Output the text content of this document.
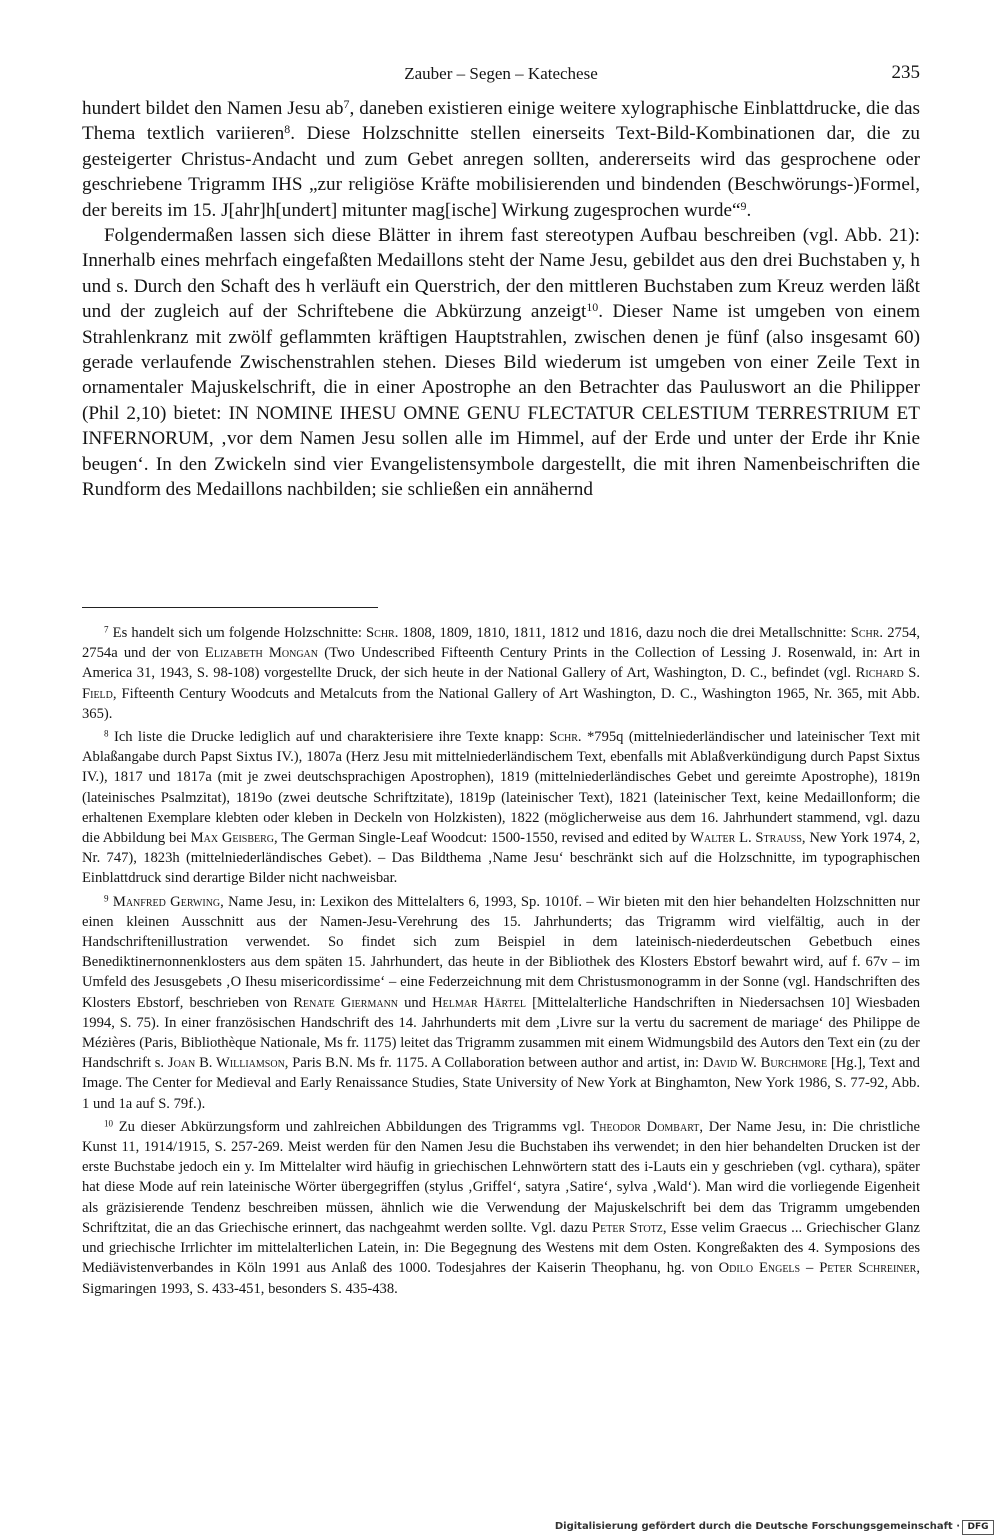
Zauber – Segen – Katechese	235

hundert bildet den Namen Jesu $ab^7$, daneben existieren einige weitere xylographische Einblattdrucke, die das Thema textlich variieren$^8$. Diese Holzschnitte stellen einerseits Text-Bild-Kombinationen dar, die zu gesteigerter Christus-Andacht und zum Gebet anregen sollten, andererseits wird das gesprochene oder geschriebene Trigramm IHS „zur religiöse Kräfte mobilisierenden und bindenden (Beschwörungs-)Formel, der bereits im 15. J[ahr]h[undert] mitunter mag[ische] Wirkung zugesprochen wurde“$^9$.

Folgendermaßen lassen sich diese Blätter in ihrem fast stereotypen Aufbau beschreiben (vgl. Abb. 21): Innerhalb eines mehrfach eingefaßten Medaillons steht der Name Jesu, gebildet aus den drei Buchstaben y, h und s. Durch den Schaft des h verläuft ein Querstrich, der den mittleren Buchstaben zum Kreuz werden läßt und der zugleich auf der Schriftebene die Abkürzung anzeigt$^{10}$. Dieser Name ist umgeben von einem Strahlenkranz mit zwölf geflammten kräftigen Hauptstrahlen, zwischen denen je fünf (also insgesamt 60) gerade verlaufende Zwischenstrahlen stehen. Dieses Bild wiederum ist umgeben von einer Zeile Text in ornamentaler Majuskelschrift, die in einer Apostrophe an den Betrachter das Pauluswort an die Philipper (Phil 2,10) bietet: IN NOMINE IHESU OMNE GENU FLECTATUR CELESTIUM TERRESTRIUM ET INFERNORUM, ‚vor dem Namen Jesu sollen alle im Himmel, auf der Erde und unter der Erde ihr Knie beugen‘. In den Zwickeln sind vier Evangelistensymbole dargestellt, die mit ihren Namenbeischriften die Rundform des Medaillons nachbilden; sie schließen ein annähernd

$^7$ Es handelt sich um folgende Holzschnitte: Schr. 1808, 1809, 1810, 1811, 1812 und 1816, dazu noch die drei Metallschnitte: Schr. 2754, 2754a und der von Elizabeth Mongan (Two Undescribed Fifteenth Century Prints in the Collection of Lessing J. Rosenwald, in: Art in America 31, 1943, S. 98-108) vorgestellte Druck, der sich heute in der National Gallery of Art, Washington, D. C., befindet (vgl. Richard S. Field, Fifteenth Century Woodcuts and Metalcuts from the National Gallery of Art Washington, D. C., Washington 1965, Nr. 365, mit Abb. 365).

$^8$ Ich liste die Drucke lediglich auf und charakterisiere ihre Texte knapp: Schr. *795q (mittelniederländischer und lateinischer Text mit Ablaßangabe durch Papst Sixtus IV.), 1807a (Herz Jesu mit mittelniederländischem Text, ebenfalls mit Ablaßverkündigung durch Papst Sixtus IV.), 1817 und 1817a (mit je zwei deutschsprachigen Apostrophen), 1819 (mittelniederländisches Gebet und gereimte Apostrophe), 1819n (lateinisches Psalmzitat), 1819o (zwei deutsche Schriftzitate), 1819p (lateinischer Text), 1821 (lateinischer Text, keine Medaillonform; die erhaltenen Exemplare klebten oder kleben in Deckeln von Holzkisten), 1822 (möglicherweise aus dem 16. Jahrhundert stammend, vgl. dazu die Abbildung bei Max Geisberg, The German Single-Leaf Woodcut: 1500-1550, revised and edited by Walter L. Strauss, New York 1974, 2, Nr. 747), 1823h (mittelniederländisches Gebet). – Das Bildthema ‚Name Jesu‘ beschränkt sich auf die Holzschnitte, im typographischen Einblattdruck sind derartige Bilder nicht nachweisbar.

$^9$ Manfred Gerwing, Name Jesu, in: Lexikon des Mittelalters 6, 1993, Sp. 1010f. – Wir bieten mit den hier behandelten Holzschnitten nur einen kleinen Ausschnitt aus der Namen-Jesu-Verehrung des 15. Jahrhunderts; das Trigramm wird vielfältig, auch in der Handschriftenillustration verwendet. So findet sich zum Beispiel in dem lateinisch-niederdeutschen Gebetbuch eines Benediktinernonnenklosters aus dem späten 15. Jahrhundert, das heute in der Bibliothek des Klosters Ebstorf bewahrt wird, auf f. 67v – im Umfeld des Jesusgebets ‚O Ihesu misericordissime‘ – eine Federzeichnung mit dem Christusmonogramm in der Sonne (vgl. Handschriften des Klosters Ebstorf, beschrieben von Renate Giermann und Helmar Härtel [Mittelalterliche Handschriften in Niedersachsen 10] Wiesbaden 1994, S. 75). In einer französischen Handschrift des 14. Jahrhunderts mit dem ‚Livre sur la vertu du sacrement de mariage‘ des Philippe de Mézières (Paris, Bibliothèque Nationale, Ms fr. 1175) leitet das Trigramm zusammen mit einem Widmungsbild des Autors den Text ein (zu der Handschrift s. Joan B. Williamson, Paris B.N. Ms fr. 1175. A Collaboration between author and artist, in: David W. Burchmore [Hg.], Text and Image. The Center for Medieval and Early Renaissance Studies, State University of New York at Binghamton, New York 1986, S. 77-92, Abb. 1 und 1a auf S. 79f.).

$^{10}$ Zu dieser Abkürzungsform und zahlreichen Abbildungen des Trigramms vgl. Theodor Dombart, Der Name Jesu, in: Die christliche Kunst 11, 1914/1915, S. 257-269. Meist werden für den Namen Jesu die Buchstaben ihs verwendet; in den hier behandelten Drucken ist der erste Buchstabe jedoch ein y. Im Mittelalter wird häufig in griechischen Lehnwörtern statt des i-Lauts ein y geschrieben (vgl. cythara), später hat diese Mode auf rein lateinische Wörter übergegriffen (stylus ‚Griffel‘, satyra ‚Satire‘, sylva ‚Wald‘). Man wird die vorliegende Eigenheit als gräzisierende Tendenz beschreiben müssen, ähnlich wie die Verwendung der Majuskelschrift bei dem das Trigramm umgebenden Schriftzitat, die an das Griechische erinnert, das nachgeahmt werden sollte. Vgl. dazu Peter Stotz, Esse velim Graecus ... Griechischer Glanz und griechische Irrlichter im mittelalterlichen Latein, in: Die Begegnung des Westens mit dem Osten. Kongreßakten des 4. Symposions des Mediävistenverbandes in Köln 1991 aus Anlaß des 1000. Todesjahres der Kaiserin Theophanu, hg. von Odilo Engels – Peter Schreiner, Sigmaringen 1993, S. 433-451, besonders S. 435-438.

Digitalisierung gefördert durch die Deutsche Forschungsgemeinschaft · DFG
